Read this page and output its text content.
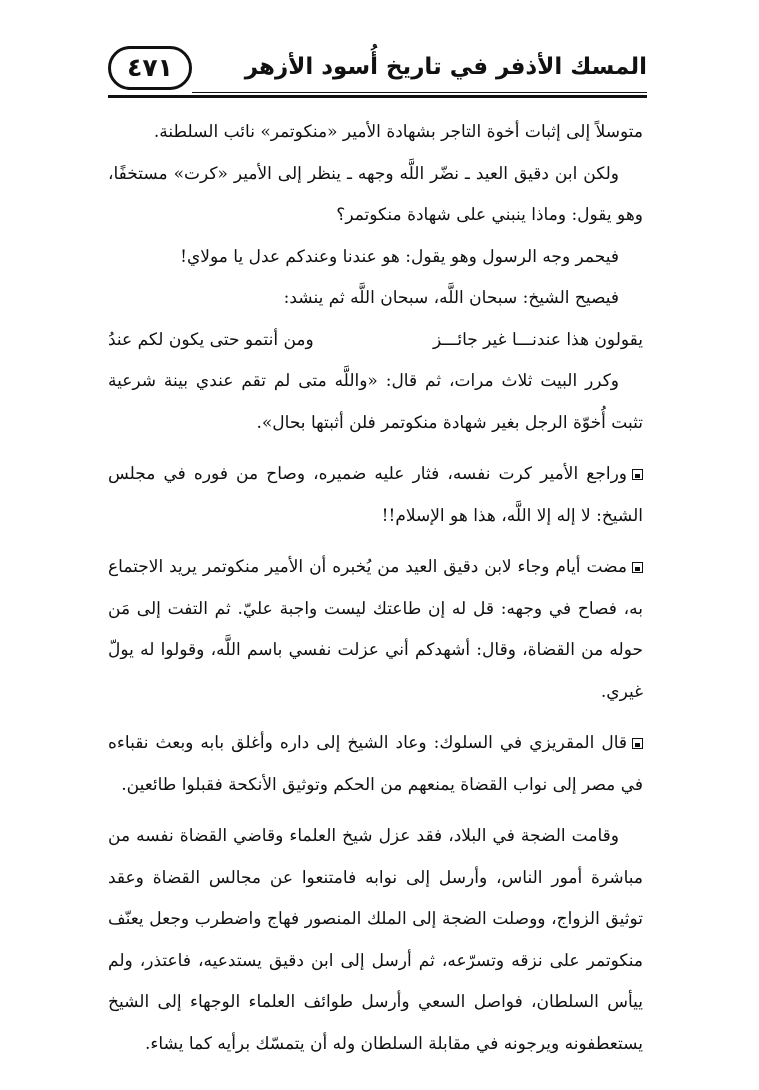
المسك الأذفر في تاريخ أُسود الأزهر
٤٧١

متوسلاً إلى إثبات أخوة التاجر بشهادة الأمير «منكوتمر» نائب السلطنة.

ولكن ابن دقيق العيد ـ نضّر اللَّه وجهه ـ ينظر إلى الأمير «كرت» مستخفًا، وهو يقول: وماذا ينبني على شهادة منكوتمر؟

فيحمر وجه الرسول وهو يقول: هو عندنا وعندكم عدل يا مولاي!

فيصيح الشيخ: سبحان اللَّه، سبحان اللَّه ثم ينشد:

يقولون هذا عندنـــا غير جائـــز
ومن أنتمو حتى يكون لكم عندُ

وكرر البيت ثلاث مرات، ثم قال: «واللَّه متى لم تقم عندي بينة شرعية تثبت أُخوّة الرجل بغير شهادة منكوتمر فلن أثبتها بحال».

وراجع الأمير كرت نفسه، فثار عليه ضميره، وصاح من فوره في مجلس الشيخ: لا إله إلا اللَّه، هذا هو الإسلام!!

مضت أيام وجاء لابن دقيق العيد من يُخبره أن الأمير منكوتمر يريد الاجتماع به، فصاح في وجهه: قل له إن طاعتك ليست واجبة عليّ. ثم التفت إلى مَن حوله من القضاة، وقال: أشهدكم أني عزلت نفسي باسم اللَّه، وقولوا له يولّ غيري.

قال المقريزي في السلوك: وعاد الشيخ إلى داره وأغلق بابه وبعث نقباءه في مصر إلى نواب القضاة يمنعهم من الحكم وتوثيق الأنكحة فقبلوا طائعين.

وقامت الضجة في البلاد، فقد عزل شيخ العلماء وقاضي القضاة نفسه من مباشرة أمور الناس، وأرسل إلى نوابه فامتنعوا عن مجالس القضاة وعقد توثيق الزواج، ووصلت الضجة إلى الملك المنصور فهاج واضطرب وجعل يعنّف منكوتمر على نزقه وتسرّعه، ثم أرسل إلى ابن دقيق يستدعيه، فاعتذر، ولم ييأس السلطان، فواصل السعي وأرسل طوائف العلماء الوجهاء إلى الشيخ يستعطفونه ويرجونه في مقابلة السلطان وله أن يتمسّك برأيه كما يشاء.
